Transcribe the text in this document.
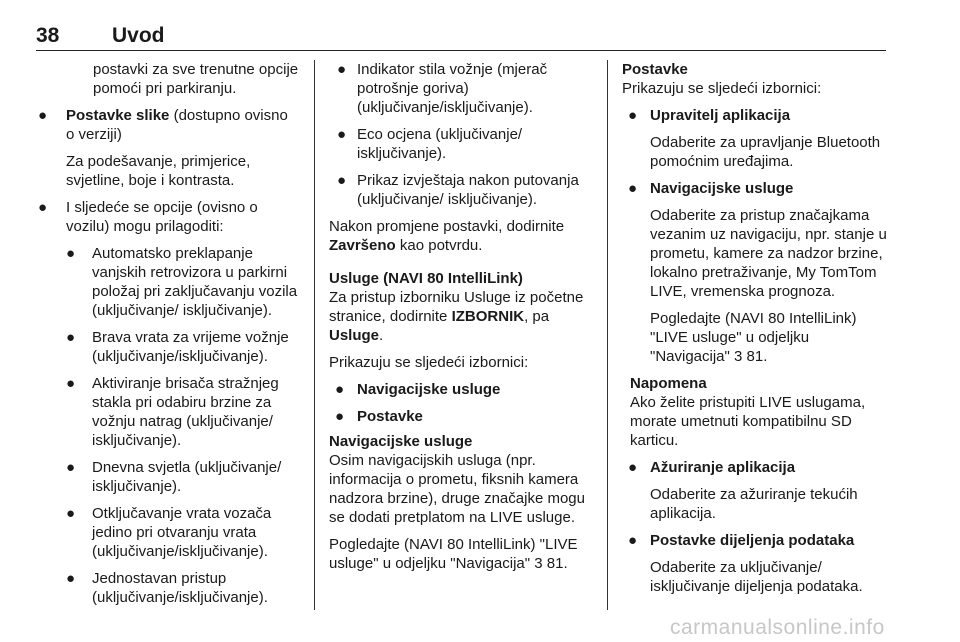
38	Uvod
postavki za sve trenutne opcije pomoći pri parkiranju.
● Postavke slike (dostupno ovisno o verziji)
Za podešavanje, primjerice, svjetline, boje i kontrasta.
● I sljedeće se opcije (ovisno o vozilu) mogu prilagoditi:
● Automatsko preklapanje vanjskih retrovizora u parkirni položaj pri zaključavanju vozila (uključivanje/ isključivanje).
● Brava vrata za vrijeme vožnje (uključivanje/isključivanje).
● Aktiviranje brisača stražnjeg stakla pri odabiru brzine za vožnju natrag (uključivanje/ isključivanje).
● Dnevna svjetla (uključivanje/ isključivanje).
● Otključavanje vrata vozača jedino pri otvaranju vrata (uključivanje/isključivanje).
● Jednostavan pristup (uključivanje/isključivanje).
● Indikator stila vožnje (mjerač potrošnje goriva) (uključivanje/isključivanje).
● Eco ocjena (uključivanje/ isključivanje).
● Prikaz izvještaja nakon putovanja (uključivanje/ isključivanje).

Nakon promjene postavki, dodirnite Završeno kao potvrdu.

Usluge (NAVI 80 IntelliLink)

Za pristup izborniku Usluge iz početne stranice, dodirnite IZBORNIK, pa Usluge.

Prikazuju se sljedeći izbornici:

● Navigacijske usluge
● Postavke
Navigacijske usluge

Osim navigacijskih usluga (npr. informacija o prometu, fiksnih kamera nadzora brzine), druge značajke mogu se dodati pretplatom na LIVE usluge.

Pogledajte (NAVI 80 IntelliLink) "LIVE usluge" u odjeljku "Navigacija" 3 81.

Postavke

Prikazuju se sljedeći izbornici:

● Upravitelj aplikacija
Odaberite za upravljanje Bluetooth pomoćnim uređajima.
● Navigacijske usluge
Odaberite za pristup značajkama vezanim uz navigaciju, npr. stanje u prometu, kamere za nadzor brzine, lokalno pretraživanje, My TomTom LIVE, vremenska prognoza.
Pogledajte (NAVI 80 IntelliLink) "LIVE usluge" u odjeljku "Navigacija" 3 81.
Napomena
Ako želite pristupiti LIVE uslugama, morate umetnuti kompatibilnu SD karticu.
● Ažuriranje aplikacija
Odaberite za ažuriranje tekućih aplikacija.
● Postavke dijeljenja podataka
Odaberite za uključivanje/ isključivanje dijeljenja podataka.
carmanualsonline.info
